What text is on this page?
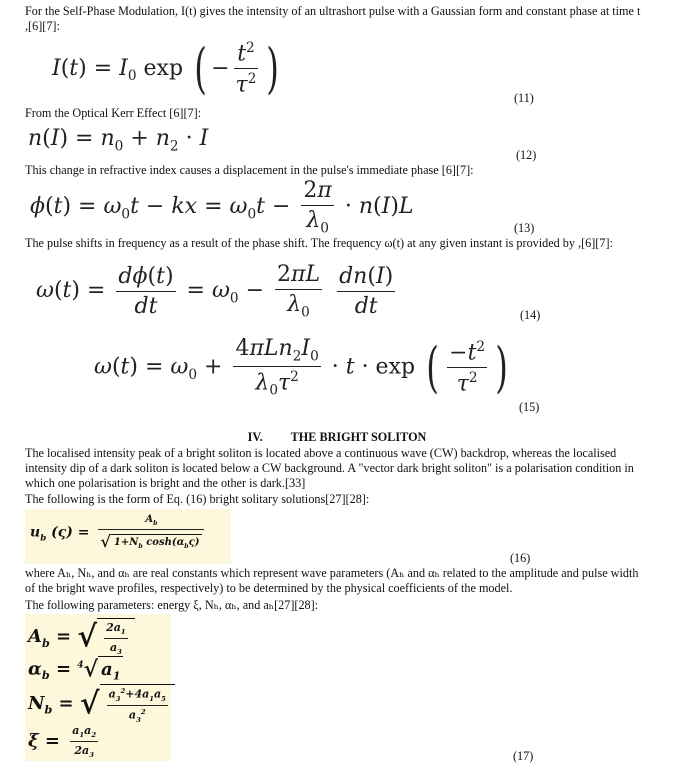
For the Self-Phase Modulation, I(t) gives the intensity of an ultrashort pulse with a Gaussian form and constant phase at time t ,[6][7]:
$I(t) = I_0$ exp ( − $\frac{t^2}{\tau^2}$ )	(11)
From the Optical Kerr Effect [6][7]:
$n(I) = n_0 + n_2 \cdot I$
(12)
This change in refractive index causes a displacement in the pulse's immediate phase [6][7]:
$\phi(t) = \omega_0t$ − kx = $\omega_0t - \frac{2\pi}{\lambda_0} \cdot n(I)L$
(13)
The pulse shifts in frequency as a result of the phase shift. The frequency ω(t) at any given instant is provided by ,[6][7]:
$\omega(t) = \frac{d\phi(t)}{dt} = \omega_0 - \frac{2\pi L}{\lambda_0}$
$\frac{dn(I)}{dt}$	(14)
$\omega(t) = \omega_0 + \frac{4\pi Ln_2I_0}{\lambda_0\tau^2} \cdot t \cdot \exp$ ( $\frac{-t^2}{\tau^2}$ )
(15)
IV. THE BRIGHT SOLITON
The localised intensity peak of a bright soliton is located above a continuous wave (CW) backdrop, whereas the localised intensity dip of a dark soliton is located below a CW background. A "vector dark bright soliton" is a polarisation condition in which one polarisation is bright and the other is dark.[33]
The following is the form of Eq. (16) bright solitary solutions[27][28]:
$u_b$ $(\varsigma) = \frac{A_b}{√ 1+N_b \cosh(\alpha_b\varsigma)}$
(16)
where Aₕ, Nₕ, and αₕ are real constants which represent wave parameters (Aₕ and αₕ related to the amplitude and pulse width of the bright wave profiles, respectively) to be determined by the physical coefficients of the model.
The following parameters: energy ξ, Nₕ, αₕ, and aₕ[27][28]:
$A_b$ = √ $\frac{2a_1}{a_3}$
$\alpha_b = ^4√$ $a_1$
$N_b$ = √ $\frac{a_3^2+4a_1a_5}{a_3^2}$
$\xi = \frac{a_1a_2}{2a_3}$	(17)
